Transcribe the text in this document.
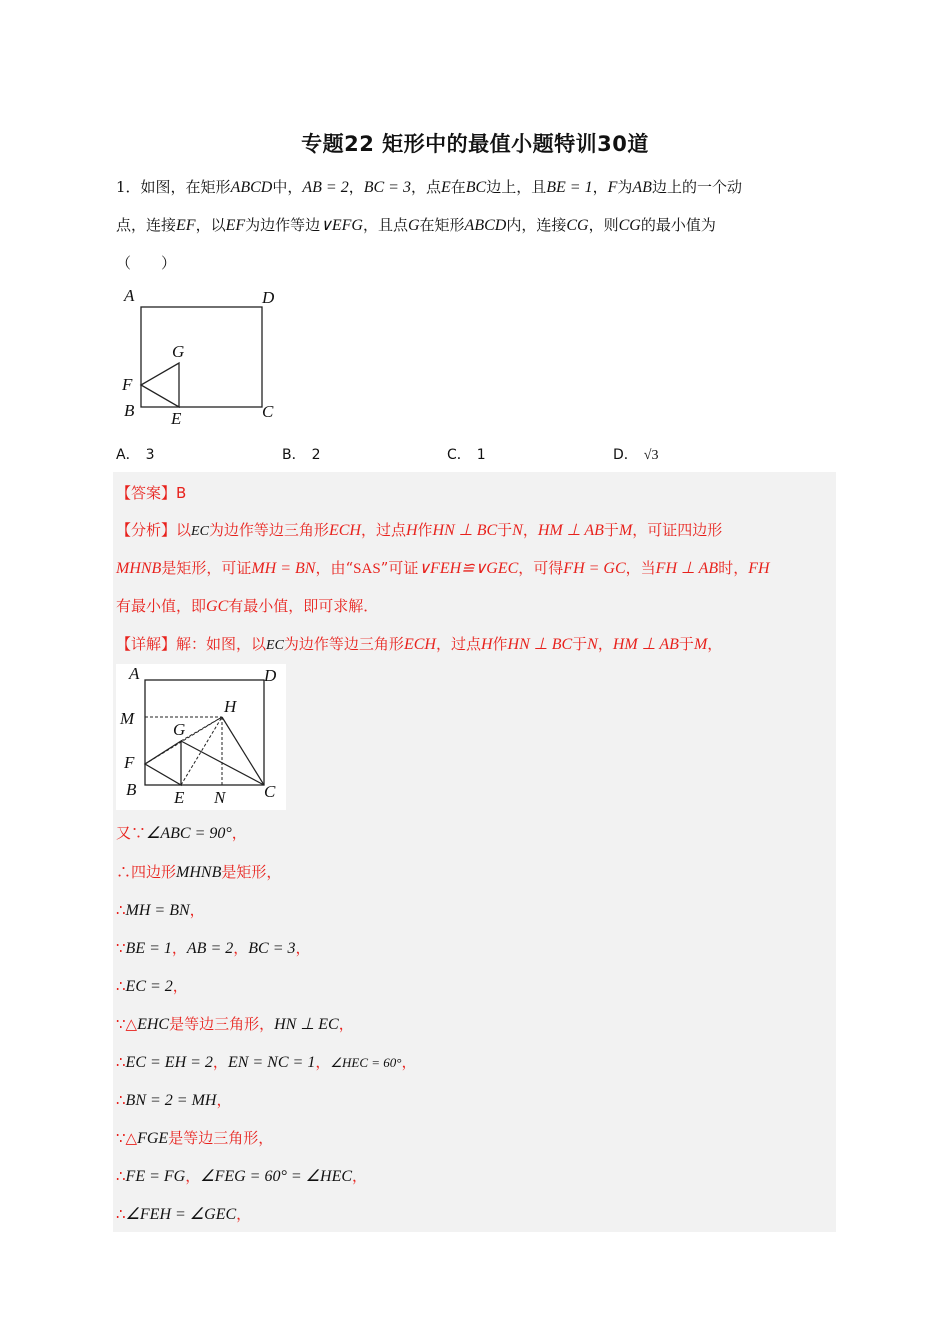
专题22 矩形中的最值小题特训30道
1．如图，在矩形ABCD中，AB = 2，BC = 3，点E在BC边上，且BE = 1，F为AB边上的一个动
点，连接EF，以EF为边作等边∨EFG，且点G在矩形ABCD内，连接CG，则CG的最小值为
（　　）
A	D
G
F
B E	C
A． 3	B． 2	C． 1	D． √3
【答案】B
【分析】以EC为边作等边三角形ECH，过点H作HN ⊥ BC于N，HM ⊥ AB于M，可证四边形
MHNB是矩形，可证MH = BN，由“SAS”可证∨FEH≌∨GEC，可得FH = GC，当FH ⊥ AB时，FH
有最小值，即GC有最小值，即可求解．
【详解】解：如图，以EC为边作等边三角形ECH，过点H作HN ⊥ BC于N，HM ⊥ AB于M，
A	D
M
H
G
F
B E N C
又∵∠ABC = 90°，
∴四边形MHNB是矩形，
∴MH = BN，
∵BE = 1，AB = 2，BC = 3，
∴EC = 2，
∵△EHC是等边三角形，HN ⊥ EC，
∴EC = EH = 2，EN = NC = 1，∠HEC = 60°，
∴BN = 2 = MH，
∵△FGE是等边三角形，
∴FE = FG，∠FEG = 60° = ∠HEC，
∴∠FEH = ∠GEC，
